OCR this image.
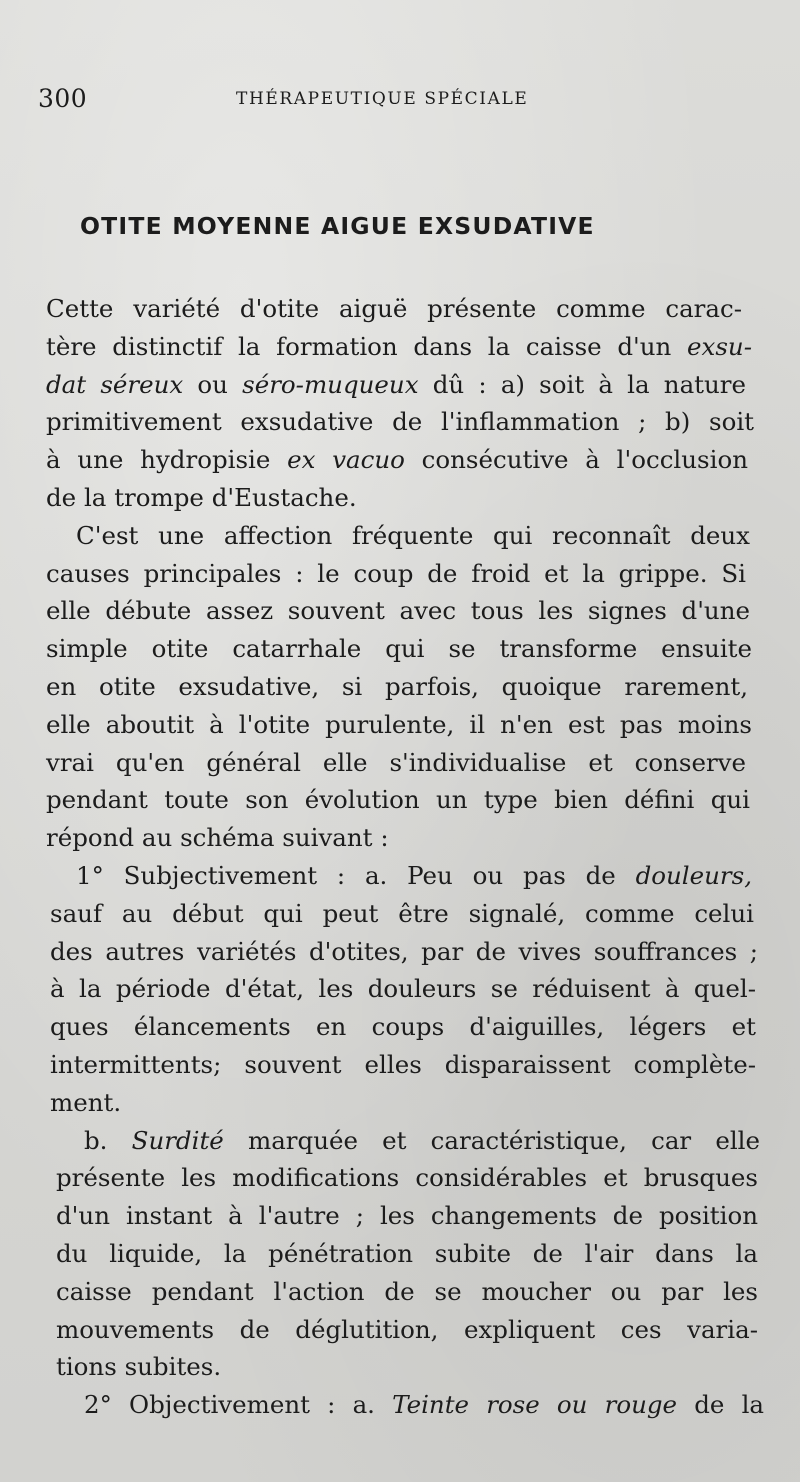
300	THÉRAPEUTIQUE SPÉCIALE
OTITE MOYENNE AIGUE EXSUDATIVE
Cette variété d'otite aiguë présente comme carac-
tère distinctif la formation dans la caisse d'un exsu-
dat séreux ou séro-muqueux dû : a) soit à la nature
primitivement exsudative de l'inflammation ; b) soit
à une hydropisie ex vacuo consécutive à l'occlusion
de la trompe d'Eustache.
C'est une affection fréquente qui reconnaît deux
causes principales : le coup de froid et la grippe. Si
elle débute assez souvent avec tous les signes d'une
simple otite catarrhale qui se transforme ensuite
en otite exsudative, si parfois, quoique rarement,
elle aboutit à l'otite purulente, il n'en est pas moins
vrai qu'en général elle s'individualise et conserve
pendant toute son évolution un type bien défini qui
répond au schéma suivant :
1° Subjectivement : a. Peu ou pas de douleurs,
sauf au début qui peut être signalé, comme celui
des autres variétés d'otites, par de vives souffrances ;
à la période d'état, les douleurs se réduisent à quel-
ques élancements en coups d'aiguilles, légers et
intermittents; souvent elles disparaissent complète-
ment.
b. Surdité marquée et caractéristique, car elle
présente les modifications considérables et brusques
d'un instant à l'autre ; les changements de position
du liquide, la pénétration subite de l'air dans la
caisse pendant l'action de se moucher ou par les
mouvements de déglutition, expliquent ces varia-
tions subites.
2° Objectivement : a. Teinte rose ou rouge de la
